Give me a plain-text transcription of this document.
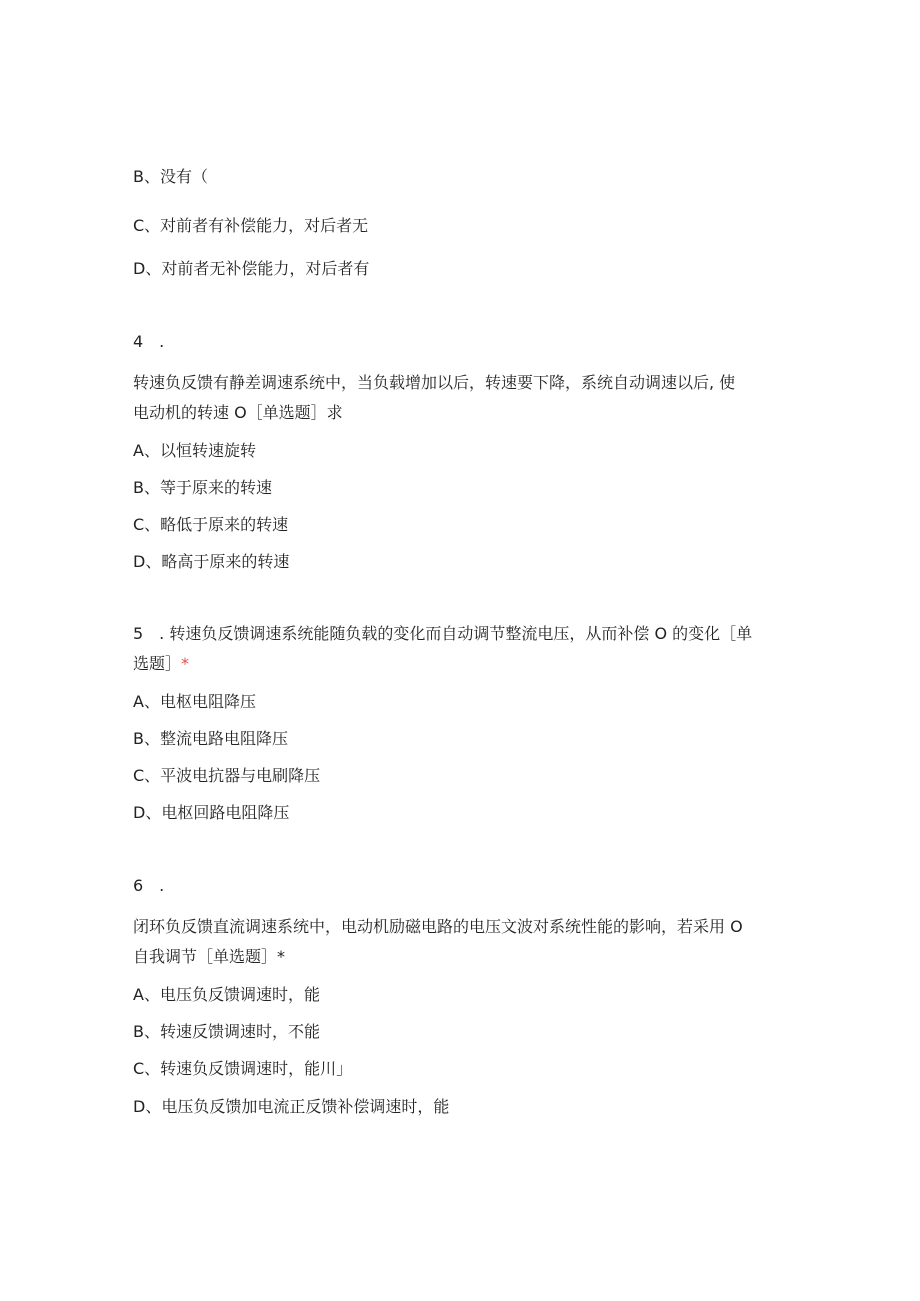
B、没有（
C、对前者有补偿能力，对后者无
D、对前者无补偿能力，对后者有
4　.
转速负反馈有静差调速系统中，当负载增加以后，转速要下降，系统自动调速以后, 使
电动机的转速 O［单选题］求
A、以恒转速旋转
B、等于原来的转速
C、略低于原来的转速
D、略高于原来的转速
5　. 转速负反馈调速系统能随负载的变化而自动调节整流电压，从而补偿 O 的变化［单
选题］*
A、电枢电阻降压
B、整流电路电阻降压
C、平波电抗器与电刷降压
D、电枢回路电阻降压
6　.
闭环负反馈直流调速系统中，电动机励磁电路的电压文波对系统性能的影响，若采用 O
自我调节［单选题］*
A、电压负反馈调速时，能
B、转速反馈调速时，不能
C、转速负反馈调速时，能川」
D、电压负反馈加电流正反馈补偿调速时，能
